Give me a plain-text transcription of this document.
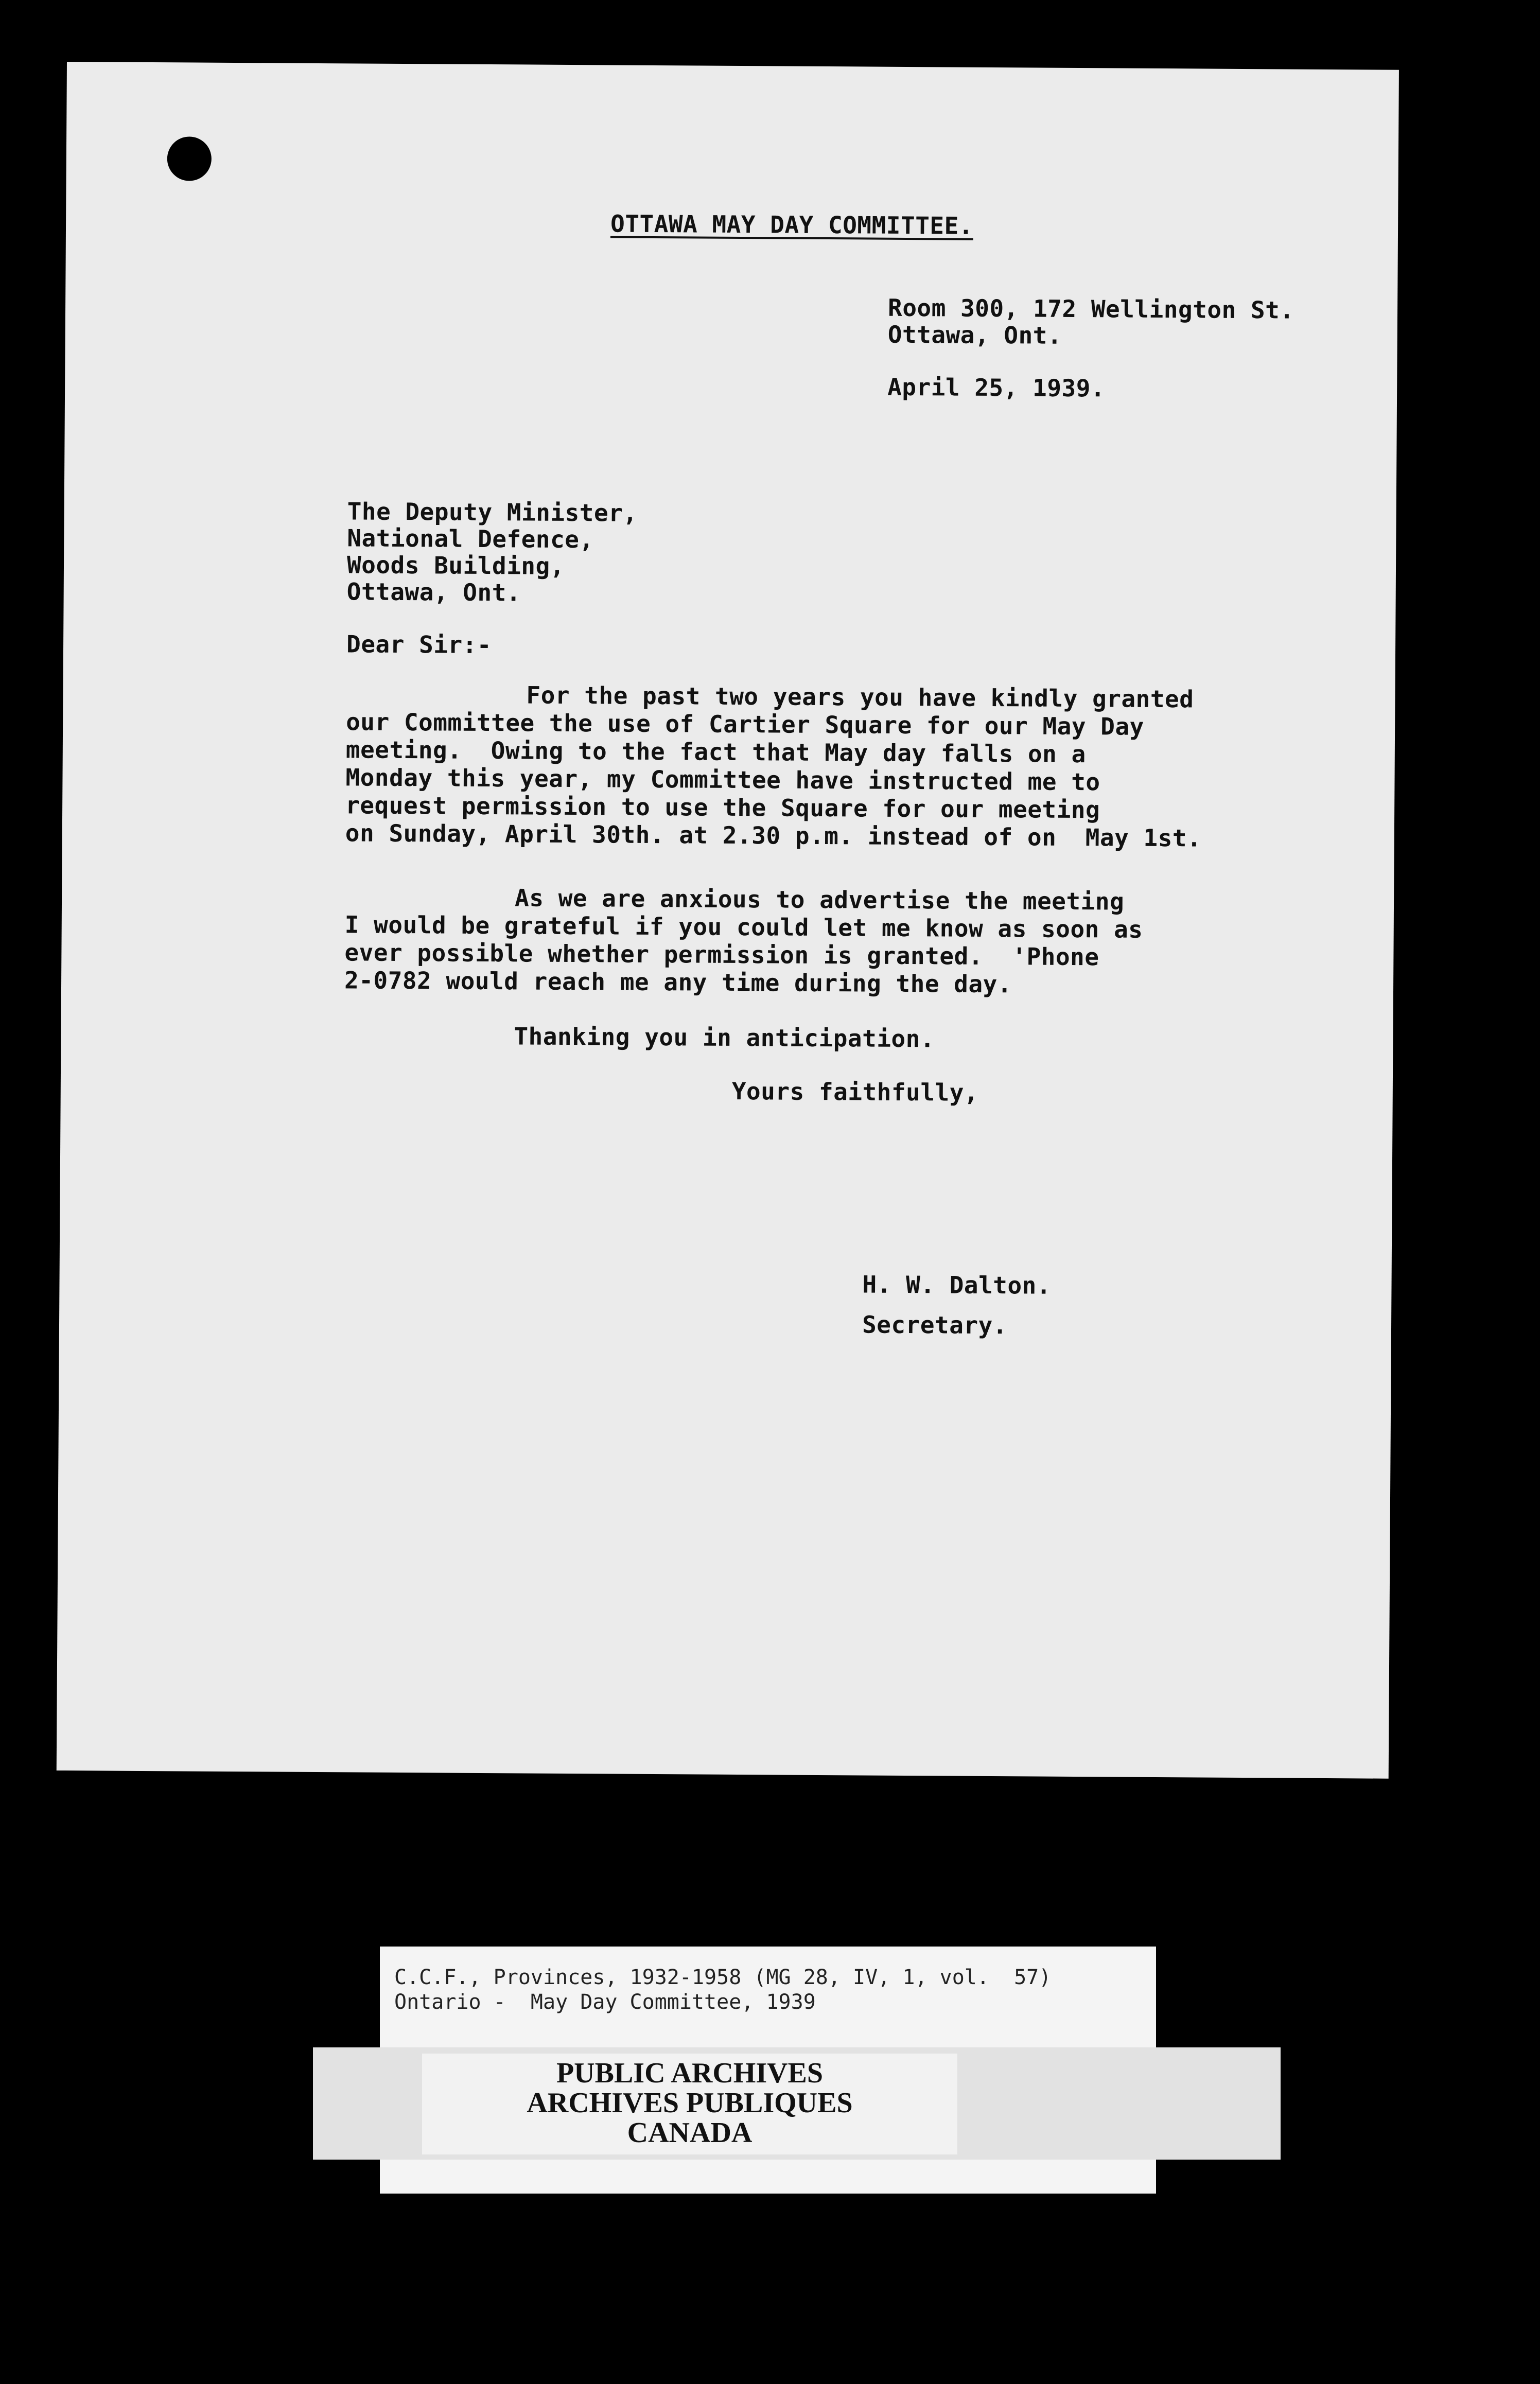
OTTAWA MAY DAY COMMITTEE.
Room 300, 172 Wellington St.
Ottawa, Ont.
April 25, 1939.
The Deputy Minister,
National Defence,
Woods Building,
Ottawa, Ont.
Dear Sir:-
For the past two years you have kindly granted
our Committee the use of Cartier Square for our May Day
meeting.  Owing to the fact that May day falls on a
Monday this year, my Committee have instructed me to
request permission to use the Square for our meeting
on Sunday, April 30th. at 2.30 p.m. instead of on  May 1st.
As we are anxious to advertise the meeting
I would be grateful if you could let me know as soon as
ever possible whether permission is granted.  'Phone
2-0782 would reach me any time during the day.
Thanking you in anticipation.
Yours faithfully,
H. W. Dalton.
Secretary.
C.C.F., Provinces, 1932-1958 (MG 28, IV, 1, vol.  57)
Ontario -  May Day Committee, 1939
PUBLIC ARCHIVES
ARCHIVES PUBLIQUES
CANADA
